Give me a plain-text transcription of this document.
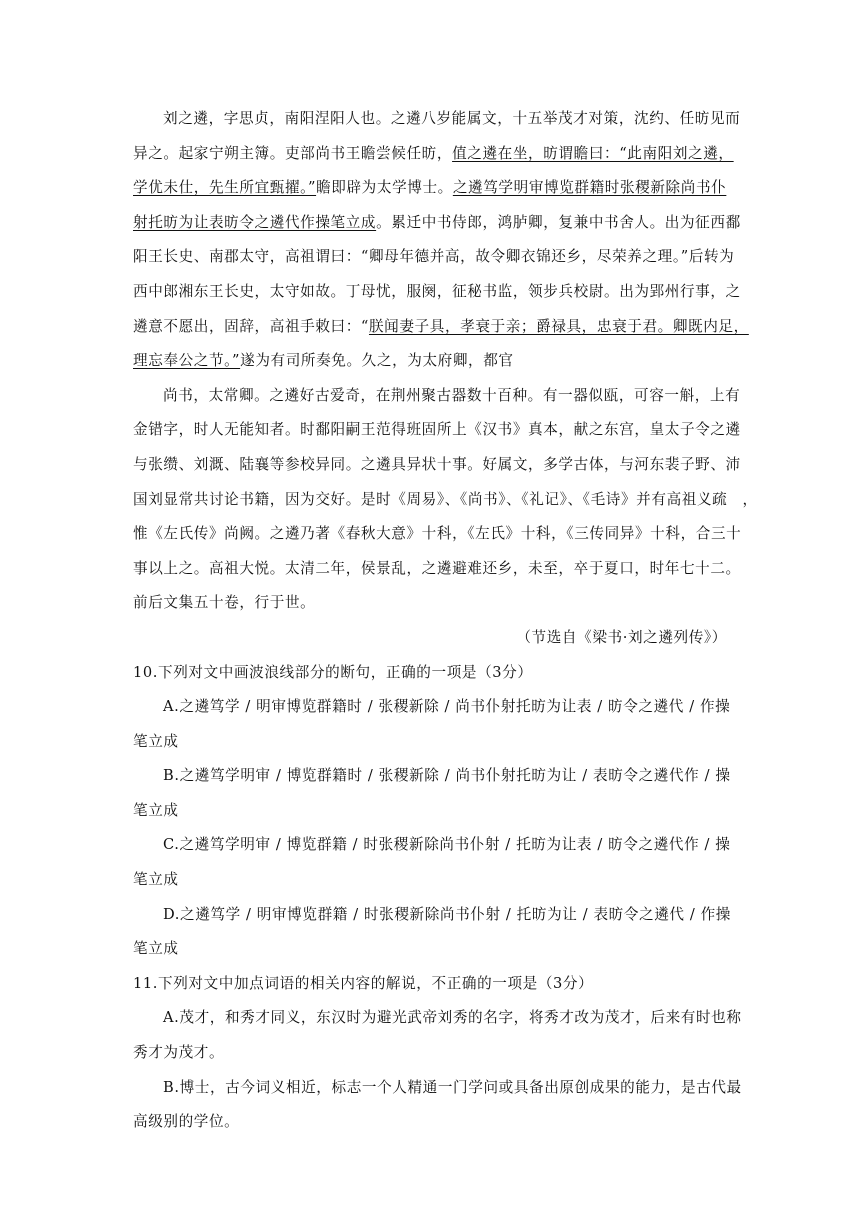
刘之遴，字思贞，南阳涅阳人也。之遴八岁能属文，十五举茂才对策，沈约、任昉见而
异之。起家宁朔主簿。吏部尚书王瞻尝候任昉，值之遴在坐，昉谓瞻曰：“此南阳刘之遴，
学优未仕，先生所宜甄擢。”瞻即辟为太学博士。之遴笃学明审博览群籍时张稷新除尚书仆
射托昉为让表昉令之遴代作操笔立成。累迁中书侍郎，鸿胪卿，复兼中书舍人。出为征西鄱
阳王长史、南郡太守，高祖谓曰：“卿母年德并高，故令卿衣锦还乡，尽荣养之理。”后转为
西中郎湘东王长史，太守如故。丁母忧，服阕，征秘书监，领步兵校尉。出为郢州行事，之
遴意不愿出，固辞，高祖手敕曰：“朕闻妻子具，孝衰于亲；爵禄具，忠衰于君。卿既内足，
理忘奉公之节。”遂为有司所奏免。久之，为太府卿，都官
尚书，太常卿。之遴好古爱奇，在荆州聚古器数十百种。有一器似瓯，可容一斛，上有
金错字，时人无能知者。时鄱阳嗣王范得班固所上《汉书》真本，献之东宫，皇太子令之遴
与张缵、刘溉、陆襄等参校异同。之遴具异状十事。好属文，多学古体，与河东裴子野、沛
国刘显常共讨论书籍，因为交好。是时《周易》、《尚书》、《礼记》、《毛诗》并有高祖义疏　，
惟《左氏传》尚阙。之遴乃著《春秋大意》十科，《左氏》十科，《三传同异》十科，合三十
事以上之。高祖大悦。太清二年，侯景乱，之遴避难还乡，未至，卒于夏口，时年七十二。
前后文集五十卷，行于世。
（节选自《梁书·刘之遴列传》）
10.下列对文中画波浪线部分的断句，正确的一项是（3分）
A.之遴笃学 / 明审博览群籍时 / 张稷新除 / 尚书仆射托昉为让表 / 昉令之遴代 / 作操
笔立成
B.之遴笃学明审 / 博览群籍时 / 张稷新除 / 尚书仆射托昉为让 / 表昉令之遴代作 / 操
笔立成
C.之遴笃学明审 / 博览群籍 / 时张稷新除尚书仆射 / 托昉为让表 / 昉令之遴代作 / 操
笔立成
D.之遴笃学 / 明审博览群籍 / 时张稷新除尚书仆射 / 托昉为让 / 表昉令之遴代 / 作操
笔立成
11.下列对文中加点词语的相关内容的解说，不正确的一项是（3分）
A.茂才，和秀才同义，东汉时为避光武帝刘秀的名字，将秀才改为茂才，后来有时也称
秀才为茂才。
B.博士，古今词义相近，标志一个人精通一门学问或具备出原创成果的能力，是古代最
高级别的学位。
